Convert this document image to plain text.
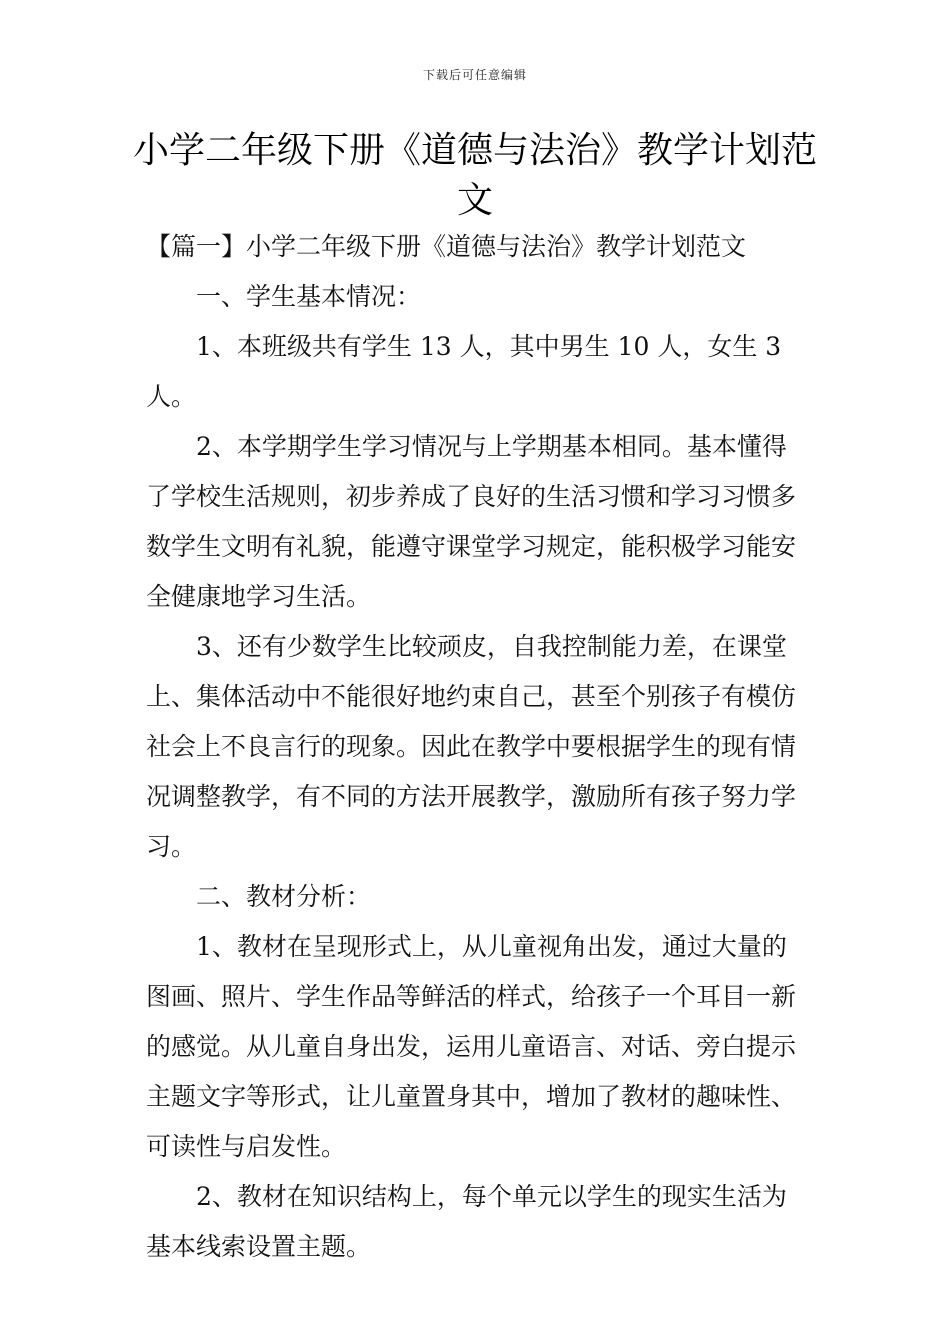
下载后可任意编辑
小学二年级下册《道德与法治》教学计划范文

【篇一】小学二年级下册《道德与法治》教学计划范文

一、学生基本情况：

1、本班级共有学生 13 人，其中男生 10 人，女生 3 人。

2、本学期学生学习情况与上学期基本相同。基本懂得了学校生活规则，初步养成了良好的生活习惯和学习习惯多数学生文明有礼貌，能遵守课堂学习规定，能积极学习能安全健康地学习生活。

3、还有少数学生比较顽皮，自我控制能力差，在课堂上、集体活动中不能很好地约束自己，甚至个别孩子有模仿社会上不良言行的现象。因此在教学中要根据学生的现有情况调整教学，有不同的方法开展教学，激励所有孩子努力学习。

二、教材分析：

1、教材在呈现形式上，从儿童视角出发，通过大量的图画、照片、学生作品等鲜活的样式，给孩子一个耳目一新的感觉。从儿童自身出发，运用儿童语言、对话、旁白提示主题文字等形式，让儿童置身其中，增加了教材的趣味性、可读性与启发性。

2、教材在知识结构上，每个单元以学生的现实生活为基本线索设置主题。
